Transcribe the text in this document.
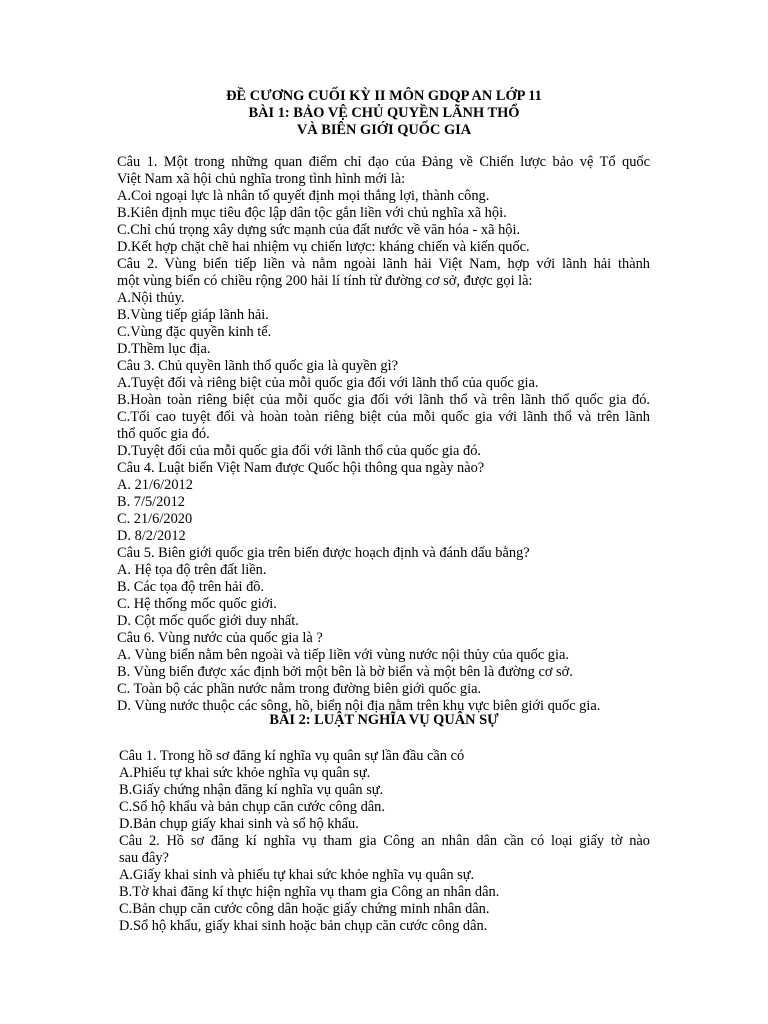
ĐỀ CƯƠNG CUỐI KỲ II MÔN GDQP AN LỚP 11
BÀI 1: BẢO VỆ CHỦ QUYỀN LÃNH THỔ
VÀ BIÊN GIỚI QUỐC GIA
Câu 1. Một trong những quan điểm chỉ đạo của Đảng về Chiến lược bảo vệ Tổ quốc
Việt Nam xã hội chủ nghĩa trong tình hình mới là:
A.Coi ngoại lực là nhân tố quyết định mọi thắng lợi, thành công.
B.Kiên định mục tiêu độc lập dân tộc gắn liền với chủ nghĩa xã hội.
C.Chỉ chú trọng xây dựng sức mạnh của đất nước về văn hóa - xã hội.
D.Kết hợp chặt chẽ hai nhiệm vụ chiến lược: kháng chiến và kiến quốc.
Câu 2. Vùng biển tiếp liền và nằm ngoài lãnh hải Việt Nam, hợp với lãnh hải thành
một vùng biển có chiều rộng 200 hải lí tính từ đường cơ sở, được gọi là:
A.Nội thủy.
B.Vùng tiếp giáp lãnh hải.
C.Vùng đặc quyền kinh tế.
D.Thềm lục địa.
Câu 3. Chủ quyền lãnh thổ quốc gia là quyền gì?
A.Tuyệt đối và riêng biệt của mỗi quốc gia đối với lãnh thổ của quốc gia.
B.Hoàn toàn riêng biệt của mỗi quốc gia đối với lãnh thổ và trên lãnh thổ quốc gia đó.
C.Tối cao tuyệt đối và hoàn toàn riêng biệt của mỗi quốc gia với lãnh thổ và trên lãnh
thổ quốc gia đó.
D.Tuyệt đối của mỗi quốc gia đối với lãnh thổ của quốc gia đó.
Câu 4. Luật biển Việt Nam được Quốc hội thông qua ngày nào?
A. 21/6/2012
B. 7/5/2012
C. 21/6/2020
D. 8/2/2012
Câu 5. Biên giới quốc gia trên biển được hoạch định và đánh dấu bằng?
A. Hệ tọa độ trên đất liền.
B. Các tọa độ trên hải đồ.
C. Hệ thống mốc quốc giới.
D. Cột mốc quốc giới duy nhất.
Câu 6. Vùng nước của quốc gia là ?
A. Vùng biển nằm bên ngoài và tiếp liền với vùng nước nội thủy của quốc gia.
B. Vùng biển được xác định bởi một bên là bờ biển và một bên là đường cơ sở.
C. Toàn bộ các phần nước nằm trong đường biên giới quốc gia.
D. Vùng nước thuộc các sông, hồ, biển nội địa nằm trên khu vực biên giới quốc gia.
BÀI 2: LUẬT NGHĨA VỤ QUÂN SỰ
Câu 1. Trong hồ sơ đăng kí nghĩa vụ quân sự lần đầu cần có
A.Phiếu tự khai sức khỏe nghĩa vụ quân sự.
B.Giấy chứng nhận đăng kí nghĩa vụ quân sự.
C.Sổ hộ khẩu và bản chụp căn cước công dân.
D.Bản chụp giấy khai sinh và sổ hộ khẩu.
Câu 2. Hồ sơ đăng kí nghĩa vụ tham gia Công an nhân dân cần có loại giấy tờ nào
sau đây?
A.Giấy khai sinh và phiếu tự khai sức khỏe nghĩa vụ quân sự.
B.Tờ khai đăng kí thực hiện nghĩa vụ tham gia Công an nhân dân.
C.Bản chụp căn cước công dân hoặc giấy chứng minh nhân dân.
D.Sổ hộ khẩu, giấy khai sinh hoặc bản chụp căn cước công dân.
